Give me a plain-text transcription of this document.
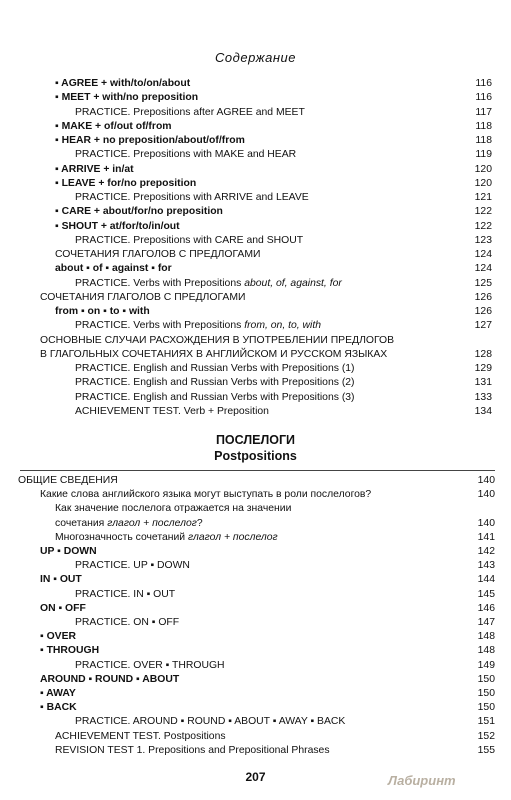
Содержание
▪ AGREE + with/to/on/about	116
▪ MEET + with/no preposition	116
PRACTICE. Prepositions after AGREE and MEET	117
▪ MAKE + of/out of/from	118
▪ HEAR + no preposition/about/of/from	118
PRACTICE. Prepositions with MAKE and HEAR	119
▪ ARRIVE + in/at	120
▪ LEAVE + for/no preposition	120
PRACTICE. Prepositions with ARRIVE and LEAVE	121
▪ CARE + about/for/no preposition	122
▪ SHOUT + at/for/to/in/out	122
PRACTICE. Prepositions with CARE and SHOUT	123
СОЧЕТАНИЯ ГЛАГОЛОВ С ПРЕДЛОГАМИ	124
about ▪ of ▪ against ▪ for	124
PRACTICE. Verbs with Prepositions about, of, against, for	125
СОЧЕТАНИЯ ГЛАГОЛОВ С ПРЕДЛОГАМИ	126
from ▪ on ▪ to ▪ with	126
PRACTICE. Verbs with Prepositions from, on, to, with	127
ОСНОВНЫЕ СЛУЧАИ РАСХОЖДЕНИЯ В УПОТРЕБЛЕНИИ ПРЕДЛОГОВ
В ГЛАГОЛЬНЫХ СОЧЕТАНИЯХ В АНГЛИЙСКОМ И РУССКОМ ЯЗЫКАХ	128
PRACTICE. English and Russian Verbs with Prepositions (1)	129
PRACTICE. English and Russian Verbs with Prepositions (2)	131
PRACTICE. English and Russian Verbs with Prepositions (3)	133
ACHIEVEMENT TEST. Verb + Preposition	134
ПОСЛЕЛОГИ
Postpositions
ОБЩИЕ СВЕДЕНИЯ	140
Какие слова английского языка могут выступать в роли послелогов?	140
Как значение послелога отражается на значении
сочетания глагол + послелог?	140
Многозначность сочетаний глагол + послелог	141
UP ▪ DOWN	142
PRACTICE. UP ▪ DOWN	143
IN ▪ OUT	144
PRACTICE. IN ▪ OUT	145
ON ▪ OFF	146
PRACTICE. ON ▪ OFF	147
▪ OVER	148
▪ THROUGH	148
PRACTICE. OVER ▪ THROUGH	149
AROUND ▪ ROUND ▪ ABOUT	150
▪ AWAY	150
▪ BACK	150
PRACTICE. AROUND ▪ ROUND ▪ ABOUT ▪ AWAY ▪ BACK	151
ACHIEVEMENT TEST. Postpositions	152
REVISION TEST 1. Prepositions and Prepositional Phrases	155
207	Лабиринт
